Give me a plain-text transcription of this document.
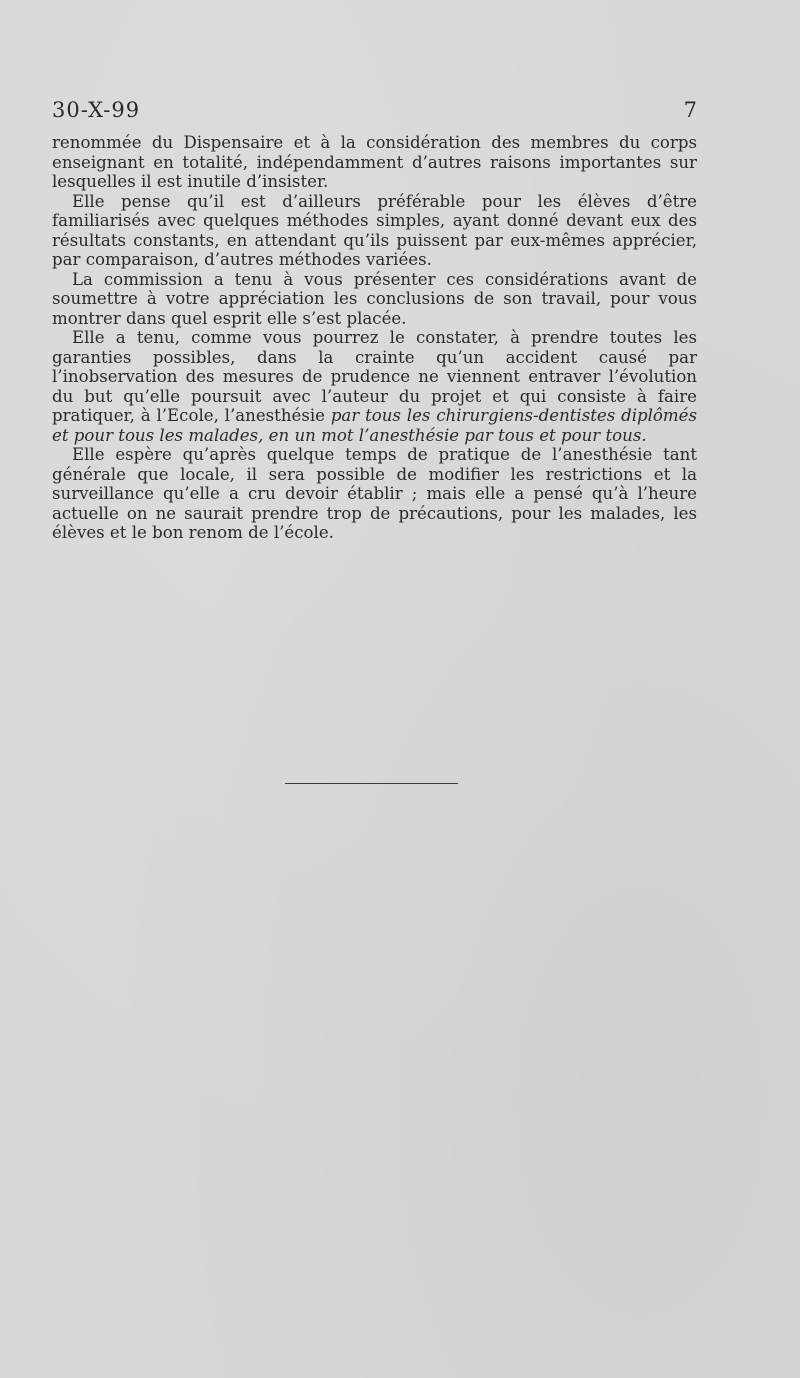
30-X-99	7

renommée du Dispensaire et à la considération des membres du corps enseignant en totalité, indépendamment d’autres raisons importantes sur lesquelles il est inutile d’insister.

Elle pense qu’il est d’ailleurs préférable pour les élèves d’être familiarisés avec quelques méthodes simples, ayant donné devant eux des résultats constants, en attendant qu’ils puissent par eux-mêmes apprécier, par comparaison, d’autres méthodes variées.

La commission a tenu à vous présenter ces considérations avant de soumettre à votre appréciation les conclusions de son travail, pour vous montrer dans quel esprit elle s’est placée.

Elle a tenu, comme vous pourrez le constater, à prendre toutes les garanties possibles, dans la crainte qu’un accident causé par l’inobservation des mesures de prudence ne viennent entraver l’évolution du but qu’elle poursuit avec l’auteur du projet et qui consiste à faire pratiquer, à l’Ecole, l’anesthésie par tous les chirurgiens-dentistes diplômés et pour tous les malades, en un mot l’anesthésie par tous et pour tous.

Elle espère qu’après quelque temps de pratique de l’anesthésie tant générale que locale, il sera possible de modifier les restrictions et la surveillance qu’elle a cru devoir établir ; mais elle a pensé qu’à l’heure actuelle on ne saurait prendre trop de précautions, pour les malades, les élèves et le bon renom de l’école.
